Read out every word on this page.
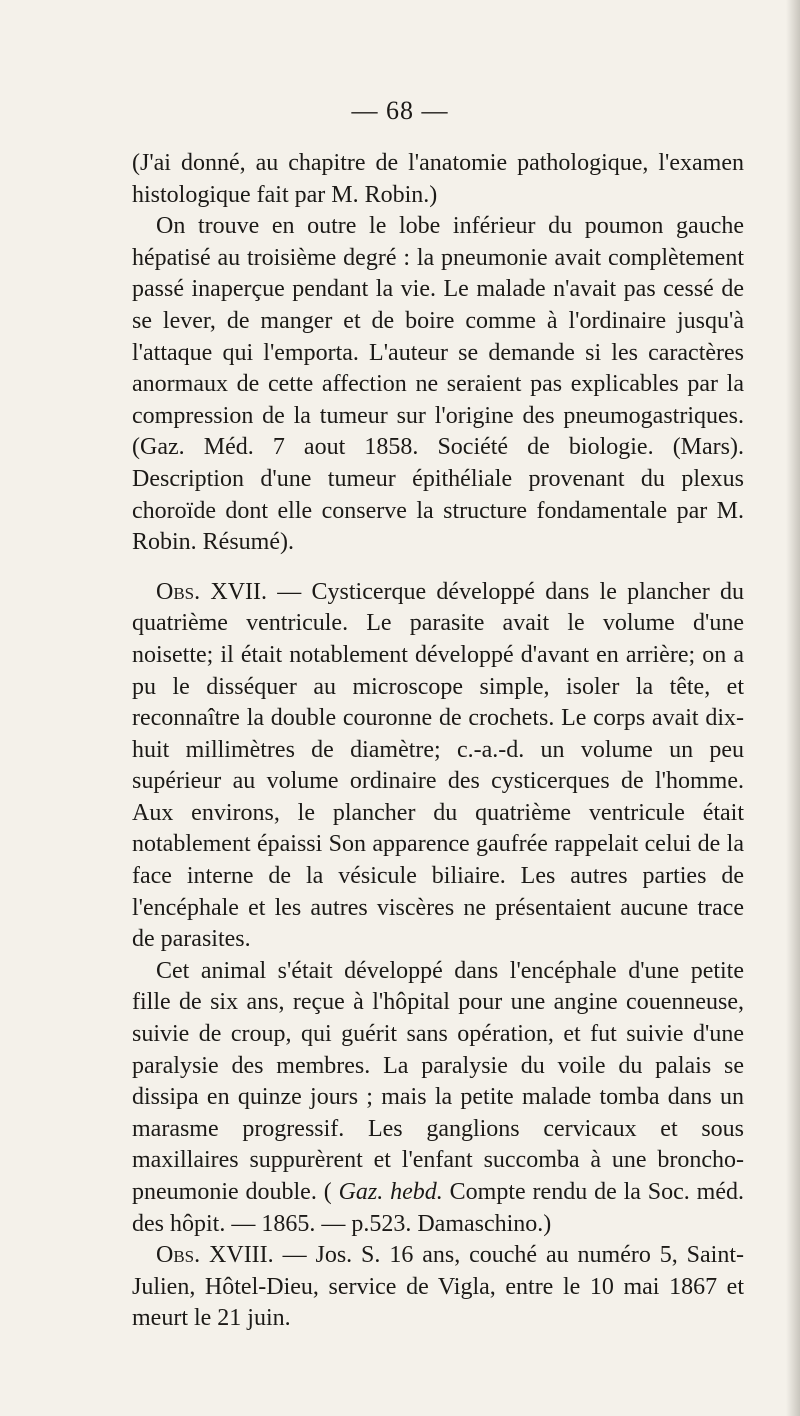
— 68 —

(J'ai donné, au chapitre de l'anatomie pathologique, l'examen histologique fait par M. Robin.)

On trouve en outre le lobe inférieur du poumon gauche hépatisé au troisième degré : la pneumonie avait complètement passé inaperçue pendant la vie. Le malade n'avait pas cessé de se lever, de manger et de boire comme à l'ordinaire jusqu'à l'attaque qui l'emporta. L'auteur se demande si les caractères anormaux de cette affection ne seraient pas explicables par la compression de la tumeur sur l'origine des pneumogastriques. (Gaz. Méd. 7 aout 1858. Société de biologie. (Mars). Description d'une tumeur épithéliale provenant du plexus choroïde dont elle conserve la structure fondamentale par M. Robin. Résumé).

Obs. XVII. — Cysticerque développé dans le plancher du quatrième ventricule. Le parasite avait le volume d'une noisette; il était notablement développé d'avant en arrière; on a pu le disséquer au microscope simple, isoler la tête, et reconnaître la double couronne de crochets. Le corps avait dix-huit millimètres de diamètre; c.-a.-d. un volume un peu supérieur au volume ordinaire des cysticerques de l'homme. Aux environs, le plancher du quatrième ventricule était notablement épaissi Son apparence gaufrée rappelait celui de la face interne de la vésicule biliaire. Les autres parties de l'encéphale et les autres viscères ne présentaient aucune trace de parasites.

Cet animal s'était développé dans l'encéphale d'une petite fille de six ans, reçue à l'hôpital pour une angine couenneuse, suivie de croup, qui guérit sans opération, et fut suivie d'une paralysie des membres. La paralysie du voile du palais se dissipa en quinze jours ; mais la petite malade tomba dans un marasme progressif. Les ganglions cervicaux et sous maxillaires suppurèrent et l'enfant succomba à une broncho-pneumonie double. ( Gaz. hebd. Compte rendu de la Soc. méd. des hôpit. — 1865. — p.523. Damaschino.)

Obs. XVIII. — Jos. S. 16 ans, couché au numéro 5, Saint-Julien, Hôtel-Dieu, service de Vigla, entre le 10 mai 1867 et meurt le 21 juin.
